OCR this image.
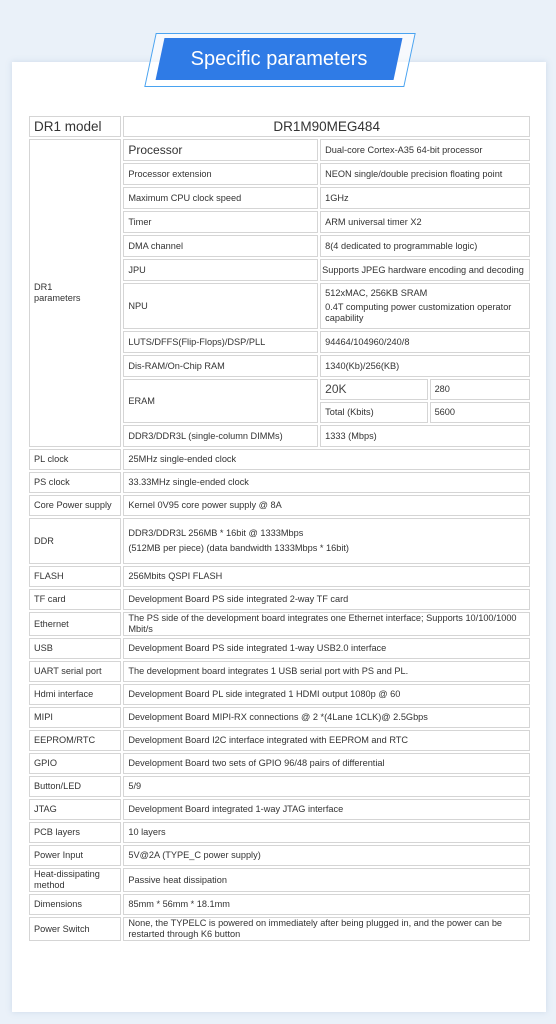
Specific parameters
DR1 model	DR1M90MEG484		
DR1
parameters	Processor	Dual-core Cortex-A35 64-bit processor	
	Processor extension	NEON single/double precision floating point	
	Maximum CPU clock speed	1GHz	
	Timer	ARM universal timer X2	
	DMA channel	8(4 dedicated to programmable logic)	
	JPU	Supports JPEG hardware encoding and decoding	
	NPU	512xMAC, 256KB SRAM
0.4T computing power customization operator capability	

	LUTS/DFFS(Flip-Flops)/DSP/PLL	94464/104960/240/8	
	Dis-RAM/On-Chip RAM	1340(Kb)/256(KB)	
	ERAM	20K	280
		Total (Kbits)	5600
	DDR3/DDR3L (single-column DIMMs)	1333 (Mbps)	
PL clock	25MHz single-ended clock		
PS clock	33.33MHz single-ended clock		
Core Power supply	Kernel 0V95 core power supply @ 8A		
DDR	DDR3/DDR3L 256MB * 16bit @ 1333Mbps
(512MB per piece) (data bandwidth 1333Mbps * 16bit)		

FLASH	256Mbits QSPI FLASH		
TF card	Development Board PS side integrated 2-way TF card		
Ethernet	The PS side of the development board integrates one Ethernet interface; Supports 10/100/1000 Mbit/s		
USB	Development Board PS side integrated 1-way USB2.0 interface		
UART serial port	The development board integrates 1 USB serial port with PS and PL.		
Hdmi interface	Development Board PL side integrated 1 HDMI output 1080p @ 60		
MIPI	Development Board MIPI-RX connections @ 2 *(4Lane 1CLK)@ 2.5Gbps		
EEPROM/RTC	Development Board I2C interface integrated with EEPROM and RTC		
GPIO	Development Board two sets of GPIO 96/48 pairs of differential		
Button/LED	5/9		
JTAG	Development Board integrated 1-way JTAG interface		
PCB layers	10 layers		
Power Input	5V@2A (TYPE_C power supply)		
Heat-dissipating method	Passive heat dissipation		
Dimensions	85mm * 56mm * 18.1mm		
Power Switch	None, the TYPELC is powered on immediately after being plugged in, and the power can be restarted through K6 button		
